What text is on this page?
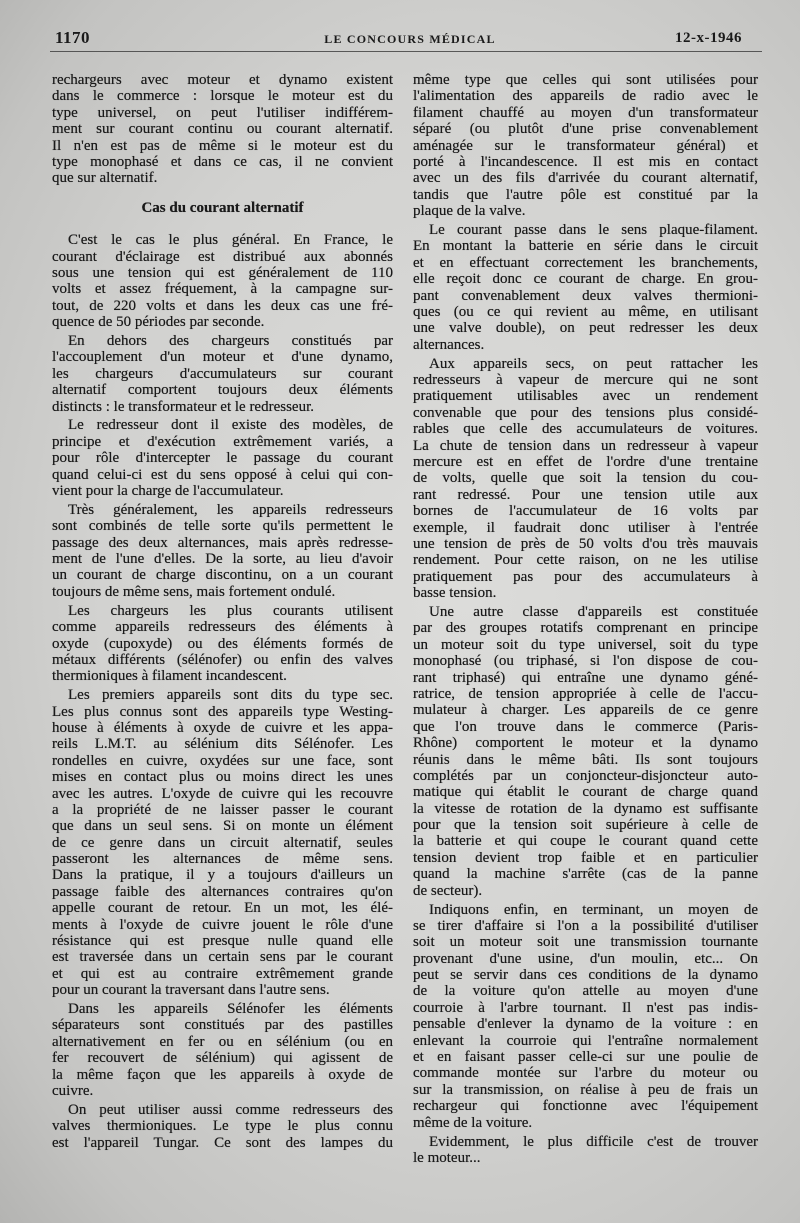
1170	LE CONCOURS MÉDICAL	12-x-1946
rechargeurs avec moteur et dynamo existent
dans le commerce : lorsque le moteur est du
type universel, on peut l'utiliser indifférem-
ment sur courant continu ou courant alternatif.
Il n'en est pas de même si le moteur est du
type monophasé et dans ce cas, il ne convient
que sur alternatif.
Cas du courant alternatif
C'est le cas le plus général. En France, le
courant d'éclairage est distribué aux abonnés
sous une tension qui est généralement de 110
volts et assez fréquement, à la campagne sur-
tout, de 220 volts et dans les deux cas une fré-
quence de 50 périodes par seconde.
En dehors des chargeurs constitués par
l'accouplement d'un moteur et d'une dynamo,
les chargeurs d'accumulateurs sur courant
alternatif comportent toujours deux éléments
distincts : le transformateur et le redresseur.
Le redresseur dont il existe des modèles, de
principe et d'exécution extrêmement variés, a
pour rôle d'intercepter le passage du courant
quand celui-ci est du sens opposé à celui qui con-
vient pour la charge de l'accumulateur.
Très généralement, les appareils redresseurs
sont combinés de telle sorte qu'ils permettent le
passage des deux alternances, mais après redresse-
ment de l'une d'elles. De la sorte, au lieu d'avoir
un courant de charge discontinu, on a un courant
toujours de même sens, mais fortement ondulé.
Les chargeurs les plus courants utilisent
comme appareils redresseurs des éléments à
oxyde (cupoxyde) ou des éléments formés de
métaux différents (sélénofer) ou enfin des valves
thermioniques à filament incandescent.
Les premiers appareils sont dits du type sec.
Les plus connus sont des appareils type Westing-
house à éléments à oxyde de cuivre et les appa-
reils L.M.T. au sélénium dits Sélénofer. Les
rondelles en cuivre, oxydées sur une face, sont
mises en contact plus ou moins direct les unes
avec les autres. L'oxyde de cuivre qui les recouvre
a la propriété de ne laisser passer le courant
que dans un seul sens. Si on monte un élément
de ce genre dans un circuit alternatif, seules
passeront les alternances de même sens.
Dans la pratique, il y a toujours d'ailleurs un
passage faible des alternances contraires qu'on
appelle courant de retour. En un mot, les élé-
ments à l'oxyde de cuivre jouent le rôle d'une
résistance qui est presque nulle quand elle
est traversée dans un certain sens par le courant
et qui est au contraire extrêmement grande
pour un courant la traversant dans l'autre sens.
Dans les appareils Sélénofer les éléments
séparateurs sont constitués par des pastilles
alternativement en fer ou en sélénium (ou en
fer recouvert de sélénium) qui agissent de
la même façon que les appareils à oxyde de
cuivre.
On peut utiliser aussi comme redresseurs des
valves thermioniques. Le type le plus connu
est l'appareil Tungar. Ce sont des lampes du
même type que celles qui sont utilisées pour
l'alimentation des appareils de radio avec le
filament chauffé au moyen d'un transformateur
séparé (ou plutôt d'une prise convenablement
aménagée sur le transformateur général) et
porté à l'incandescence. Il est mis en contact
avec un des fils d'arrivée du courant alternatif,
tandis que l'autre pôle est constitué par la
plaque de la valve.
Le courant passe dans le sens plaque-filament.
En montant la batterie en série dans le circuit
et en effectuant correctement les branchements,
elle reçoit donc ce courant de charge. En grou-
pant convenablement deux valves thermioni-
ques (ou ce qui revient au même, en utilisant
une valve double), on peut redresser les deux
alternances.
Aux appareils secs, on peut rattacher les
redresseurs à vapeur de mercure qui ne sont
pratiquement utilisables avec un rendement
convenable que pour des tensions plus considé-
rables que celle des accumulateurs de voitures.
La chute de tension dans un redresseur à vapeur
mercure est en effet de l'ordre d'une trentaine
de volts, quelle que soit la tension du cou-
rant redressé. Pour une tension utile aux
bornes de l'accumulateur de 16 volts par
exemple, il faudrait donc utiliser à l'entrée
une tension de près de 50 volts d'ou très mauvais
rendement. Pour cette raison, on ne les utilise
pratiquement pas pour des accumulateurs à
basse tension.
Une autre classe d'appareils est constituée
par des groupes rotatifs comprenant en principe
un moteur soit du type universel, soit du type
monophasé (ou triphasé, si l'on dispose de cou-
rant triphasé) qui entraîne une dynamo géné-
ratrice, de tension appropriée à celle de l'accu-
mulateur à charger. Les appareils de ce genre
que l'on trouve dans le commerce (Paris-
Rhône) comportent le moteur et la dynamo
réunis dans le même bâti. Ils sont toujours
complétés par un conjoncteur-disjoncteur auto-
matique qui établit le courant de charge quand
la vitesse de rotation de la dynamo est suffisante
pour que la tension soit supérieure à celle de
la batterie et qui coupe le courant quand cette
tension devient trop faible et en particulier
quand la machine s'arrête (cas de la panne
de secteur).
Indiquons enfin, en terminant, un moyen de
se tirer d'affaire si l'on a la possibilité d'utiliser
soit un moteur soit une transmission tournante
provenant d'une usine, d'un moulin, etc... On
peut se servir dans ces conditions de la dynamo
de la voiture qu'on attelle au moyen d'une
courroie à l'arbre tournant. Il n'est pas indis-
pensable d'enlever la dynamo de la voiture : en
enlevant la courroie qui l'entraîne normalement
et en faisant passer celle-ci sur une poulie de
commande montée sur l'arbre du moteur ou
sur la transmission, on réalise à peu de frais un
rechargeur qui fonctionne avec l'équipement
même de la voiture.
Evidemment, le plus difficile c'est de trouver
le moteur...
